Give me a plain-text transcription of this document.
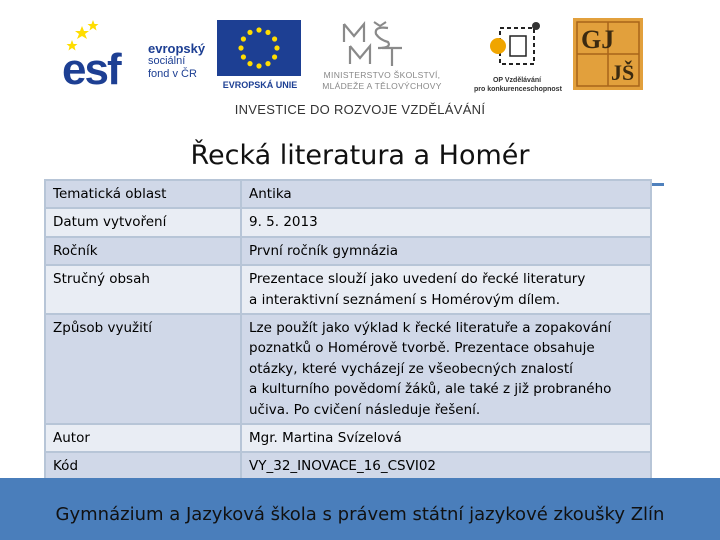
esf evropský
sociální
fond v ČR
EVROPSKÁ UNIE
MINISTERSTVO ŠKOLSTVÍ,
MLÁDEŽE A TĚLOVÝCHOVY
OP Vzdělávání
pro konkurenceschopnost
GJ
JŠ
INVESTICE DO ROZVOJE VZDĚLÁVÁNÍ
Řecká literatura a Homér
Tematická oblast	Antika

Datum vytvoření	9. 5. 2013

Ročník	První ročník gymnázia

Stručný obsah	Prezentace slouží jako uvedení do řecké literatury
a interaktivní seznámení s Homérovým dílem.

Způsob využití	Lze použít jako výklad k řecké literatuře a zopakování
poznatků o Homérově tvorbě. Prezentace obsahuje
otázky, které vycházejí ze všeobecných znalostí
a kulturního povědomí žáků, ale také z již probraného
učiva. Po cvičení následuje řešení.

Autor	Mgr. Martina Svízelová

Kód	VY_32_INOVACE_16_CSVI02
Gymnázium a Jazyková škola s právem státní jazykové zkoušky Zlín
